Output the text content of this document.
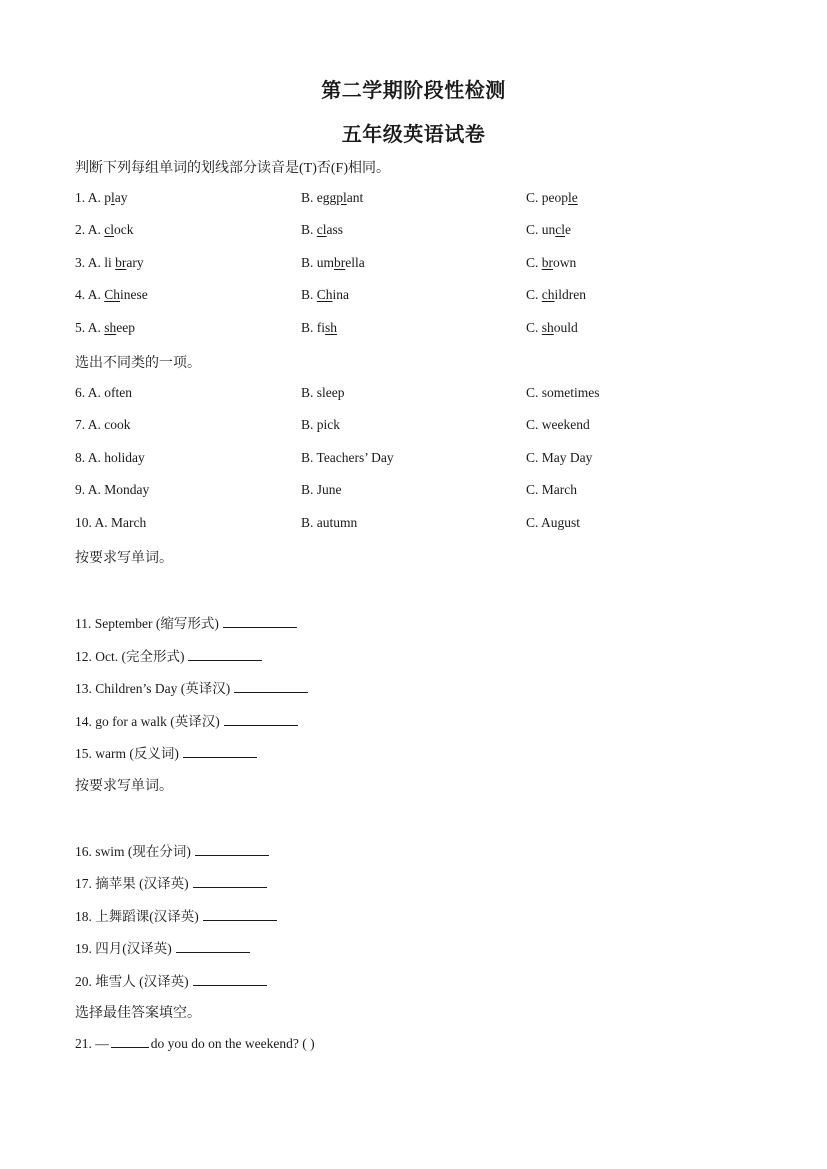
第二学期阶段性检测
五年级英语试卷
判断下列每组单词的划线部分读音是(T)否(F)相同。
1. A. play	B. eggplant	C. people
2. A. clock	B. class	C. uncle
3. A. li brary	B. umbrella	C. brown
4. A. Chinese	B. China	C. children
5. A. sheep	B. fish	C. should
选出不同类的一项。
6. A. often	B. sleep	C. sometimes
7. A. cook	B. pick	C. weekend
8. A. holiday	B. Teachers’ Day	C. May Day
9. A. Monday	B. June	C. March
10. A. March	B. autumn	C. August
按要求写单词。
11. September (缩写形式)
12. Oct. (完全形式)
13. Children’s Day (英译汉)
14. go for a walk (英译汉)
15. warm (反义词)
按要求写单词。
16. swim (现在分词)
17. 摘苹果 (汉译英)
18. 上舞蹈课(汉译英)
19. 四月(汉译英)
20. 堆雪人 (汉译英)
选择最佳答案填空。
21. —	do you do on the weekend? ( )
